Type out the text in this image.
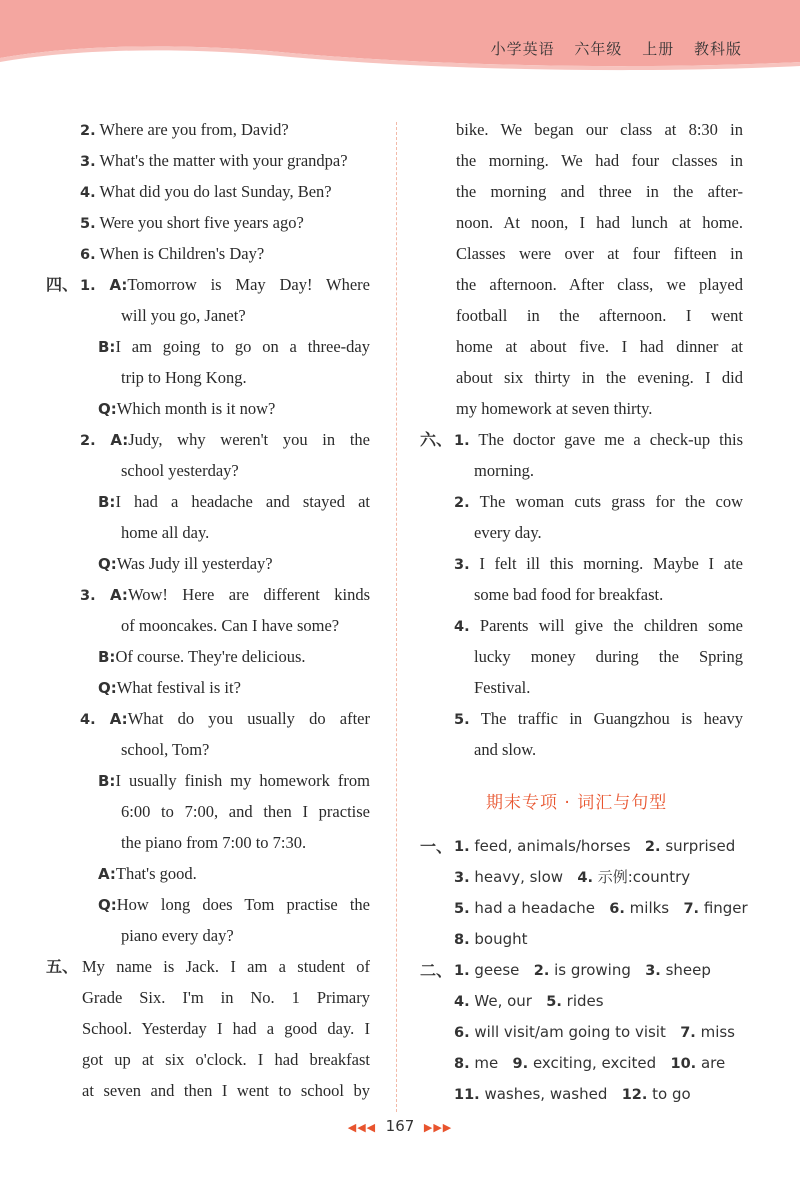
小学英语 六年级 上册 教科版
2. Where are you from, David?
3. What's the matter with your grandpa?
4. What did you do last Sunday, Ben?
5. Were you short five years ago?
6. When is Children's Day?
四、 1. A:Tomorrow is May Day! Where
will you go, Janet?
B:I am going to go on a three-day
trip to Hong Kong.
Q:Which month is it now?
2. A:Judy, why weren't you in the
school yesterday?
B:I had a headache and stayed at
home all day.
Q:Was Judy ill yesterday?
3. A:Wow! Here are different kinds
of mooncakes. Can I have some?
B:Of course. They're delicious.
Q:What festival is it?
4. A:What do you usually do after
school, Tom?
B:I usually finish my homework from
6:00 to 7:00, and then I practise
the piano from 7:00 to 7:30.
A:That's good.
Q:How long does Tom practise the
piano every day?
五、 My name is Jack. I am a student of
Grade Six. I'm in No. 1 Primary
School. Yesterday I had a good day. I
got up at six o'clock. I had breakfast
at seven and then I went to school by
bike. We began our class at 8:30 in
the morning. We had four classes in
the morning and three in the after-
noon. At noon, I had lunch at home.
Classes were over at four fifteen in
the afternoon. After class, we played
football in the afternoon. I went
home at about five. I had dinner at
about six thirty in the evening. I did
my homework at seven thirty.
六、 1. The doctor gave me a check-up this
morning.
2. The woman cuts grass for the cow
every day.
3. I felt ill this morning. Maybe I ate
some bad food for breakfast.
4. Parents will give the children some
lucky money during the Spring
Festival.
5. The traffic in Guangzhou is heavy
and slow.
期末专项 · 词汇与句型
一、 1. feed, animals/horses 2. surprised
3. heavy, slow 4. 示例:country
5. had a headache 6. milks 7. finger
8. bought
二、 1. geese 2. is growing 3. sheep
4. We, our 5. rides
6. will visit/am going to visit 7. miss
8. me 9. exciting, excited 10. are
11. washes, washed 12. to go
◀◀◀ 167 ▶▶▶
